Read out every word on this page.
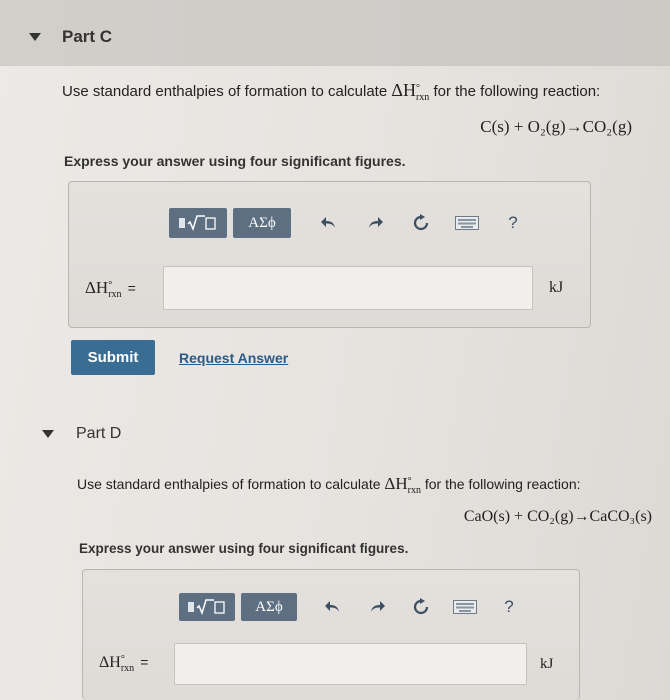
Part C
Use standard enthalpies of formation to calculate ΔH °
rxn for the following reaction:
C(s) + O₂(g)→CO₂(g)
Express your answer using four significant figures.
ΑΣϕ	?
ΔH °
rxn =	kJ
Submit	Request Answer
Part D
Use standard enthalpies of formation to calculate ΔH °
rxn for the following reaction:
CaO(s) + CO₂(g)→CaCO₃(s)
Express your answer using four significant figures.
ΑΣϕ	?
ΔH °
rxn =	kJ
